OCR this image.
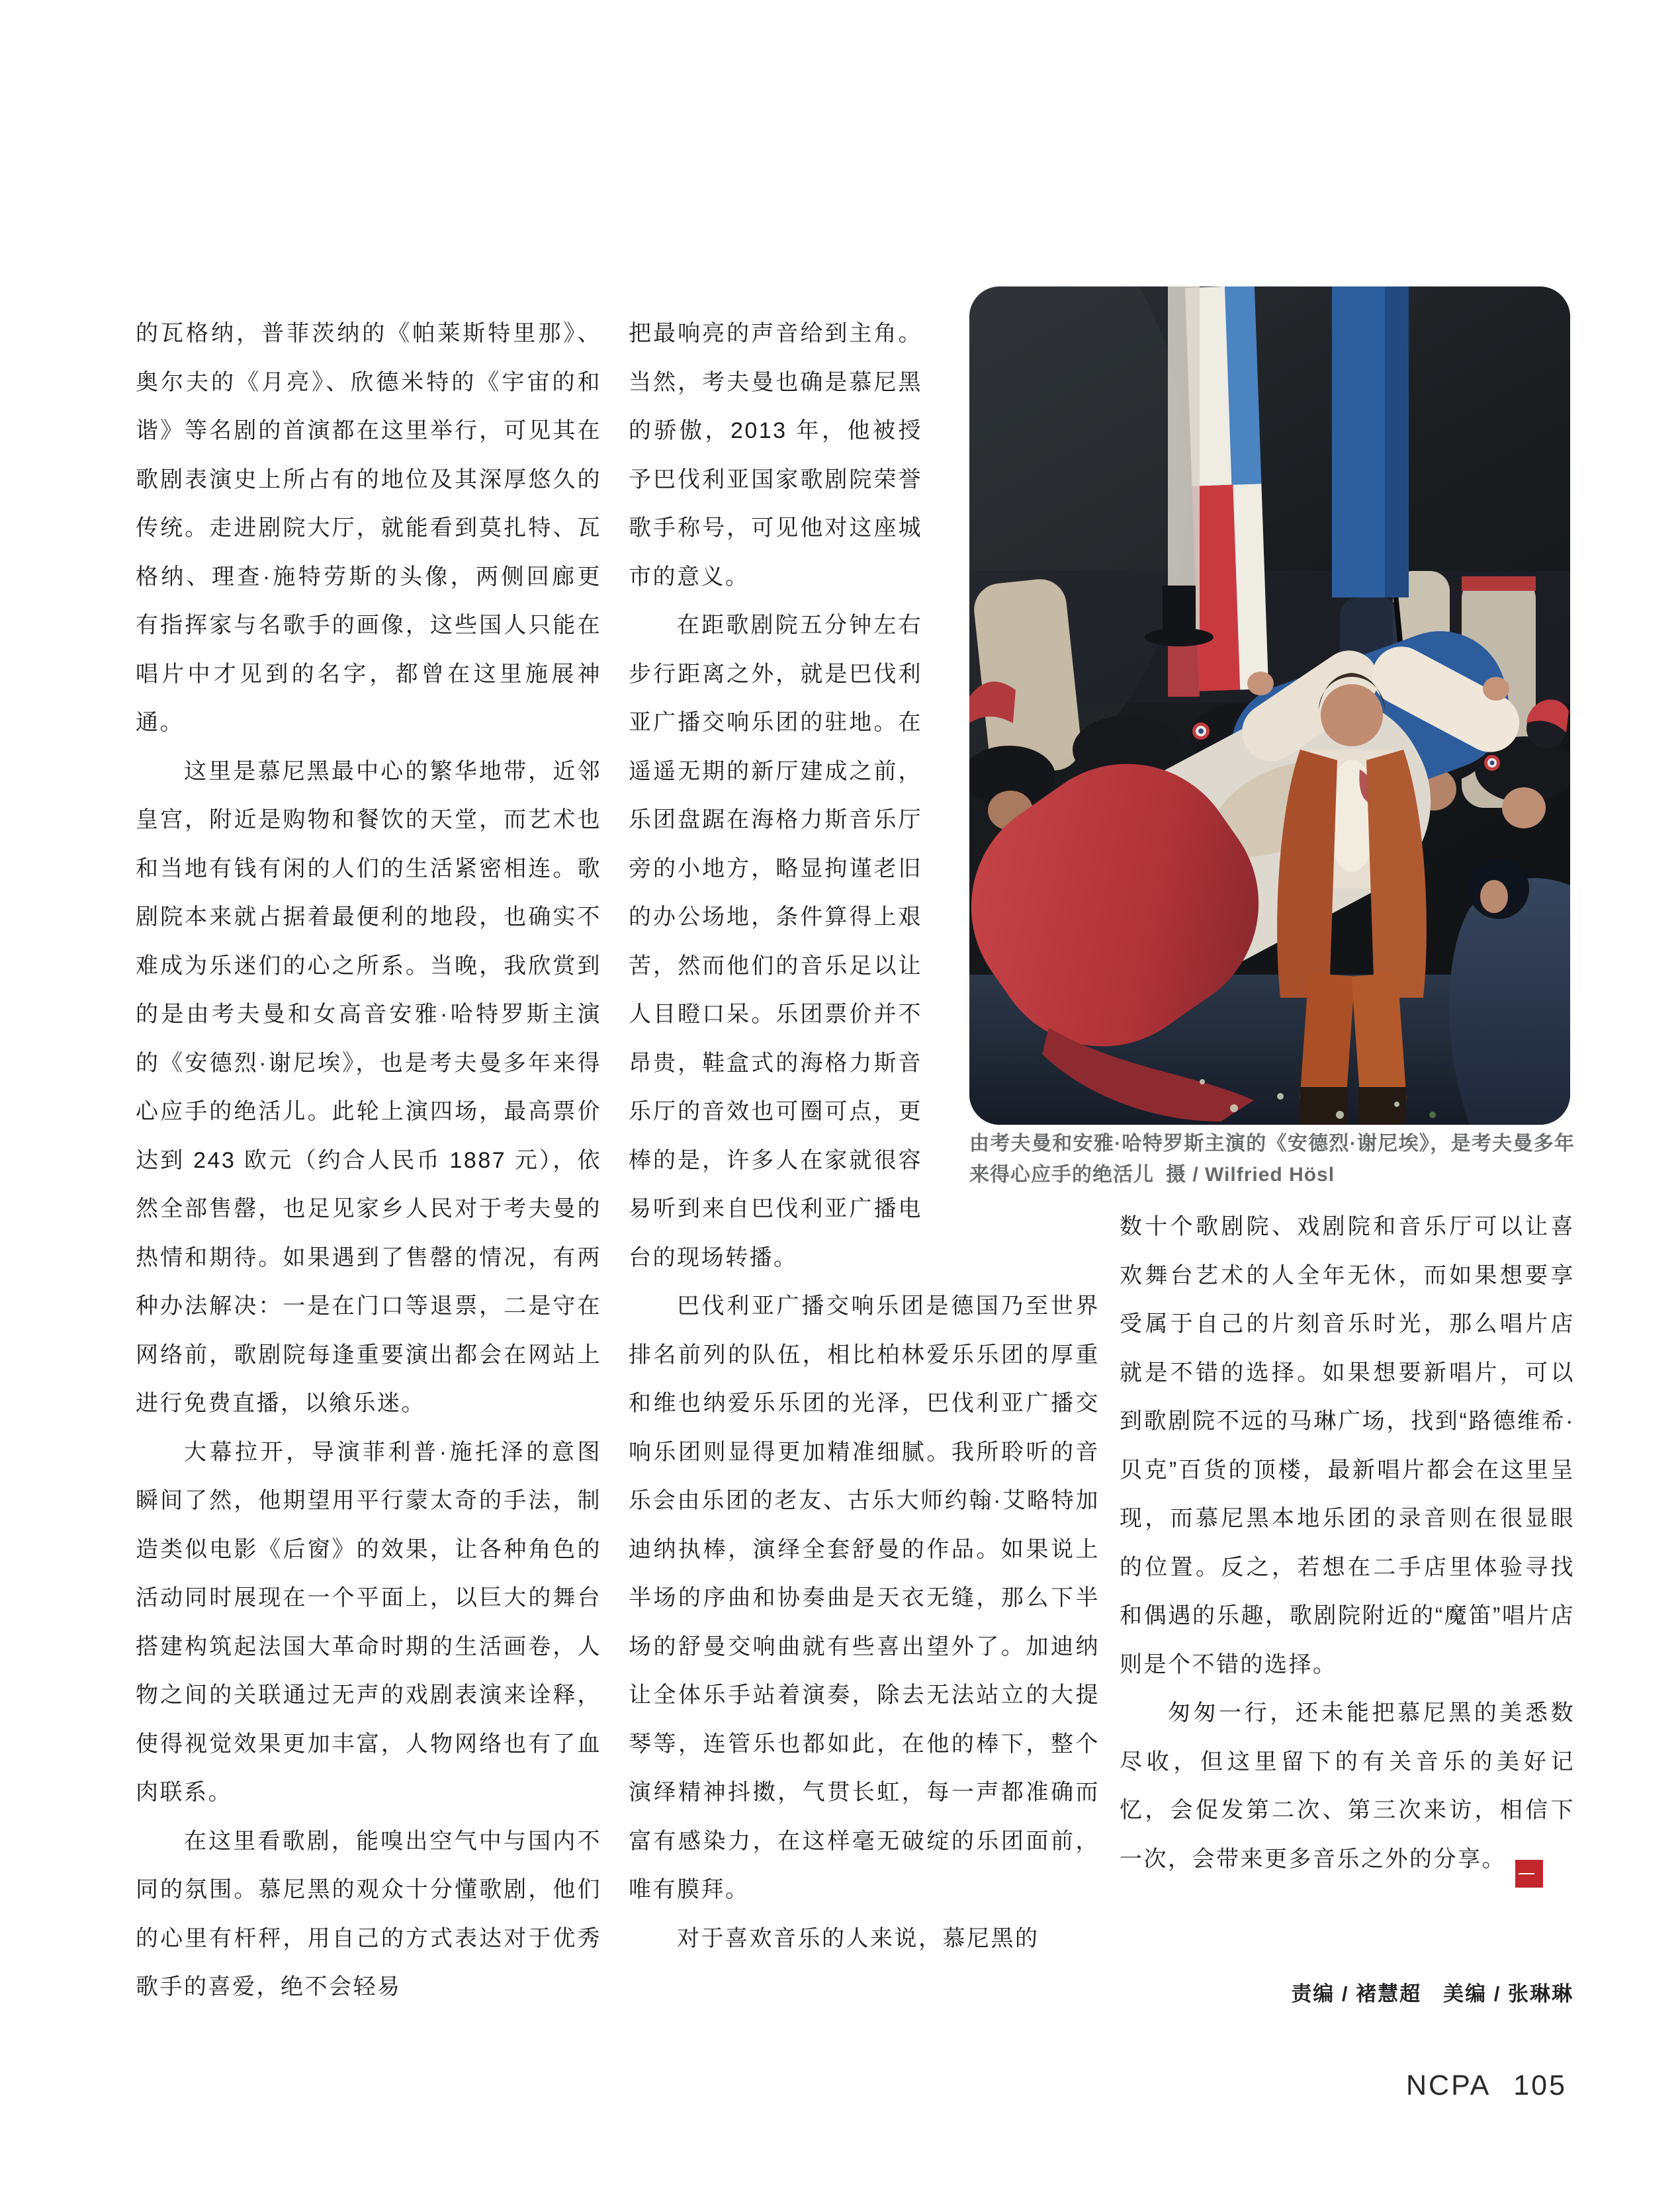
的瓦格纳，普菲茨纳的《帕莱斯特里那》、奥尔夫的《月亮》、欣德米特的《宇宙的和谐》等名剧的首演都在这里举行，可见其在歌剧表演史上所占有的地位及其深厚悠久的传统。走进剧院大厅，就能看到莫扎特、瓦格纳、理查·施特劳斯的头像，两侧回廊更有指挥家与名歌手的画像，这些国人只能在唱片中才见到的名字，都曾在这里施展神通。

这里是慕尼黑最中心的繁华地带，近邻皇宫，附近是购物和餐饮的天堂，而艺术也和当地有钱有闲的人们的生活紧密相连。歌剧院本来就占据着最便利的地段，也确实不难成为乐迷们的心之所系。当晚，我欣赏到的是由考夫曼和女高音安雅·哈特罗斯主演的《安德烈·谢尼埃》，也是考夫曼多年来得心应手的绝活儿。此轮上演四场，最高票价达到 243 欧元（约合人民币 1887 元），依然全部售罄，也足见家乡人民对于考夫曼的热情和期待。如果遇到了售罄的情况，有两种办法解决：一是在门口等退票，二是守在网络前，歌剧院每逢重要演出都会在网站上进行免费直播，以飨乐迷。

大幕拉开，导演菲利普·施托泽的意图瞬间了然，他期望用平行蒙太奇的手法，制造类似电影《后窗》的效果，让各种角色的活动同时展现在一个平面上，以巨大的舞台搭建构筑起法国大革命时期的生活画卷，人物之间的关联通过无声的戏剧表演来诠释，使得视觉效果更加丰富，人物网络也有了血肉联系。

在这里看歌剧，能嗅出空气中与国内不同的氛围。慕尼黑的观众十分懂歌剧，他们的心里有杆秤，用自己的方式表达对于优秀歌手的喜爱，绝不会轻易

把最响亮的声音给到主角。当然，考夫曼也确是慕尼黑的骄傲，2013 年，他被授予巴伐利亚国家歌剧院荣誉歌手称号，可见他对这座城市的意义。

在距歌剧院五分钟左右步行距离之外，就是巴伐利亚广播交响乐团的驻地。在遥遥无期的新厅建成之前，乐团盘踞在海格力斯音乐厅旁的小地方，略显拘谨老旧的办公场地，条件算得上艰苦，然而他们的音乐足以让人目瞪口呆。乐团票价并不昂贵，鞋盒式的海格力斯音乐厅的音效也可圈可点，更棒的是，许多人在家就很容易听到来自巴伐利亚广播电台的现场转播。

巴伐利亚广播交响乐团是德国乃至世界排名前列的队伍，相比柏林爱乐乐团的厚重和维也纳爱乐乐团的光泽，巴伐利亚广播交响乐团则显得更加精准细腻。我所聆听的音乐会由乐团的老友、古乐大师约翰·艾略特加迪纳执棒，演绎全套舒曼的作品。如果说上半场的序曲和协奏曲是天衣无缝，那么下半场的舒曼交响曲就有些喜出望外了。加迪纳让全体乐手站着演奏，除去无法站立的大提琴等，连管乐也都如此，在他的棒下，整个演绎精神抖擞，气贯长虹，每一声都准确而富有感染力，在这样毫无破绽的乐团面前，唯有膜拜。

对于喜欢音乐的人来说，慕尼黑的

数十个歌剧院、戏剧院和音乐厅可以让喜欢舞台艺术的人全年无休，而如果想要享受属于自己的片刻音乐时光，那么唱片店就是不错的选择。如果想要新唱片，可以到歌剧院不远的马琳广场，找到“路德维希·贝克”百货的顶楼，最新唱片都会在这里呈现，而慕尼黑本地乐团的录音则在很显眼的位置。反之，若想在二手店里体验寻找和偶遇的乐趣，歌剧院附近的“魔笛”唱片店则是个不错的选择。

匆匆一行，还未能把慕尼黑的美悉数尽收，但这里留下的有关音乐的美好记忆，会促发第二次、第三次来访，相信下一次，会带来更多音乐之外的分享。
$\frac{NC}{PA}$

由考夫曼和安雅·哈特罗斯主演的《安德烈·谢尼埃》，是考夫曼多年来得心应手的绝活儿 摄 / Wilfried Hösl
责编 / 褚慧超　美编 / 张琳琳
NCPA 105
